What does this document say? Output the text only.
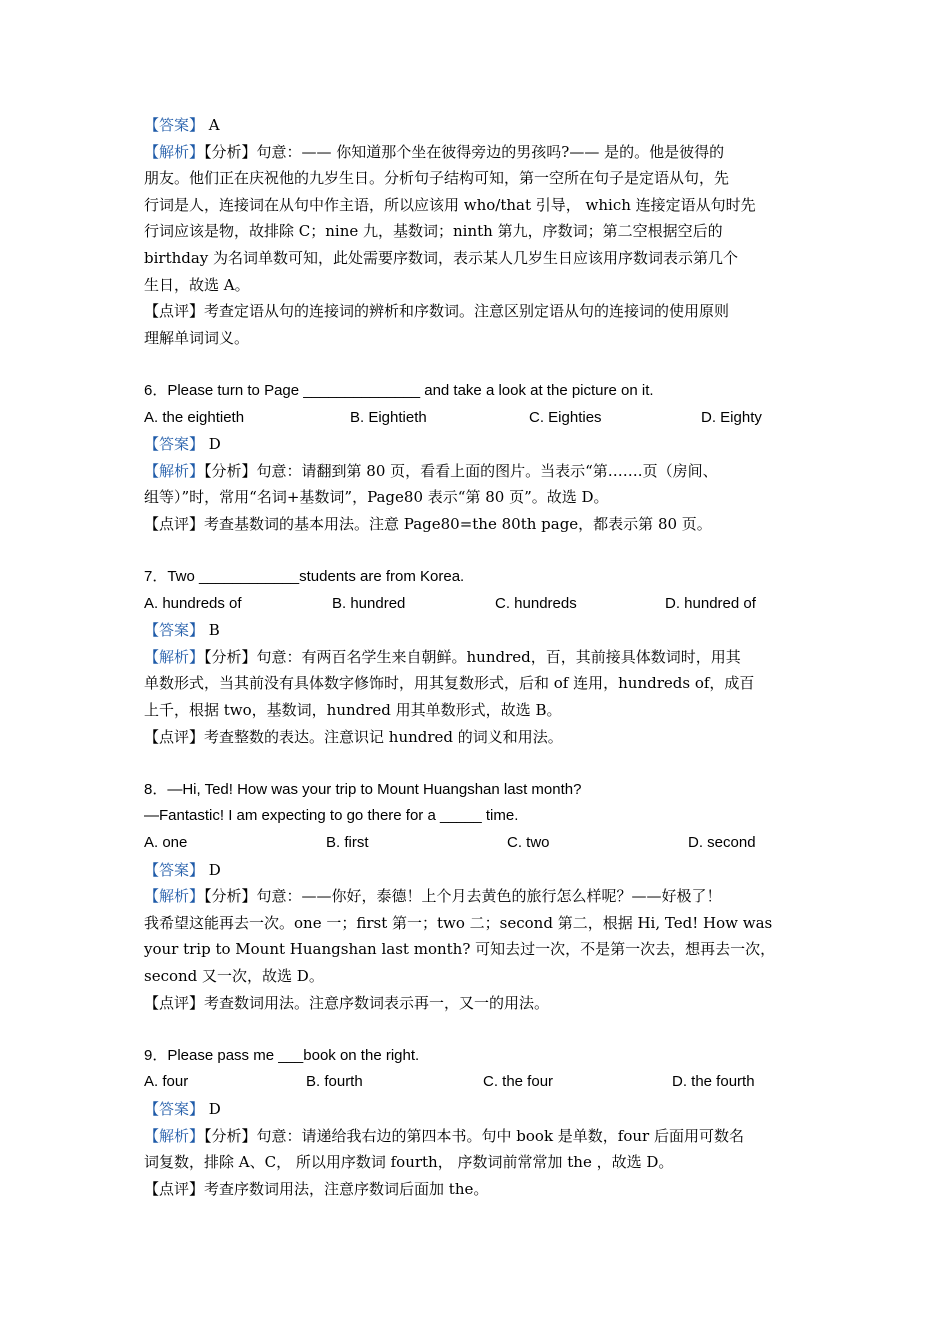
【答案】 A
【解析】【分析】句意：—— 你知道那个坐在彼得旁边的男孩吗?—— 是的。他是彼得的
朋友。他们正在庆祝他的九岁生日。分析句子结构可知，第一空所在句子是定语从句，先
行词是人，连接词在从句中作主语，所以应该用 who/that 引导， which 连接定语从句时先
行词应该是物，故排除 C；nine 九，基数词；ninth 第九，序数词；第二空根据空后的
birthday 为名词单数可知，此处需要序数词，表示某人几岁生日应该用序数词表示第几个
生日，故选 A。
【点评】考查定语从句的连接词的辨析和序数词。注意区别定语从句的连接词的使用原则
理解单词词义。
6．Please turn to Page ______________ and take a look at the picture on it.
A. the eightieth	B. Eightieth	C. Eighties	D. Eighty
【答案】 D
【解析】【分析】句意：请翻到第 80 页，看看上面的图片。当表示“第…….页（房间、
组等）”时，常用“名词+基数词”，Page80 表示“第 80 页”。故选 D。
【点评】考查基数词的基本用法。注意 Page80=the 80th page，都表示第 80 页。
7．Two ____________students are from Korea.
A. hundreds of	B. hundred	C. hundreds	D. hundred of
【答案】 B
【解析】【分析】句意：有两百名学生来自朝鲜。hundred，百，其前接具体数词时，用其
单数形式，当其前没有具体数字修饰时，用其复数形式，后和 of 连用，hundreds of，成百
上千，根据 two，基数词，hundred 用其单数形式，故选 B。
【点评】考查整数的表达。注意识记 hundred 的词义和用法。
8．—Hi, Ted! How was your trip to Mount Huangshan last month?
—Fantastic! I am expecting to go there for a _____ time.
A. one	B. first	C. two	D. second
【答案】 D
【解析】【分析】句意：——你好，泰德！上个月去黄色的旅行怎么样呢？——好极了！
我希望这能再去一次。one 一；first 第一；two 二；second 第二，根据 Hi, Ted! How was
your trip to Mount Huangshan last month? 可知去过一次，不是第一次去，想再去一次，
second 又一次，故选 D。
【点评】考查数词用法。注意序数词表示再一，又一的用法。
9．Please pass me ___book on the right.
A. four	B. fourth	C. the four	D. the fourth
【答案】 D
【解析】【分析】句意：请递给我右边的第四本书。句中 book 是单数，four 后面用可数名
词复数，排除 A、C， 所以用序数词 fourth， 序数词前常常加 the ，故选 D。
【点评】考查序数词用法，注意序数词后面加 the。
